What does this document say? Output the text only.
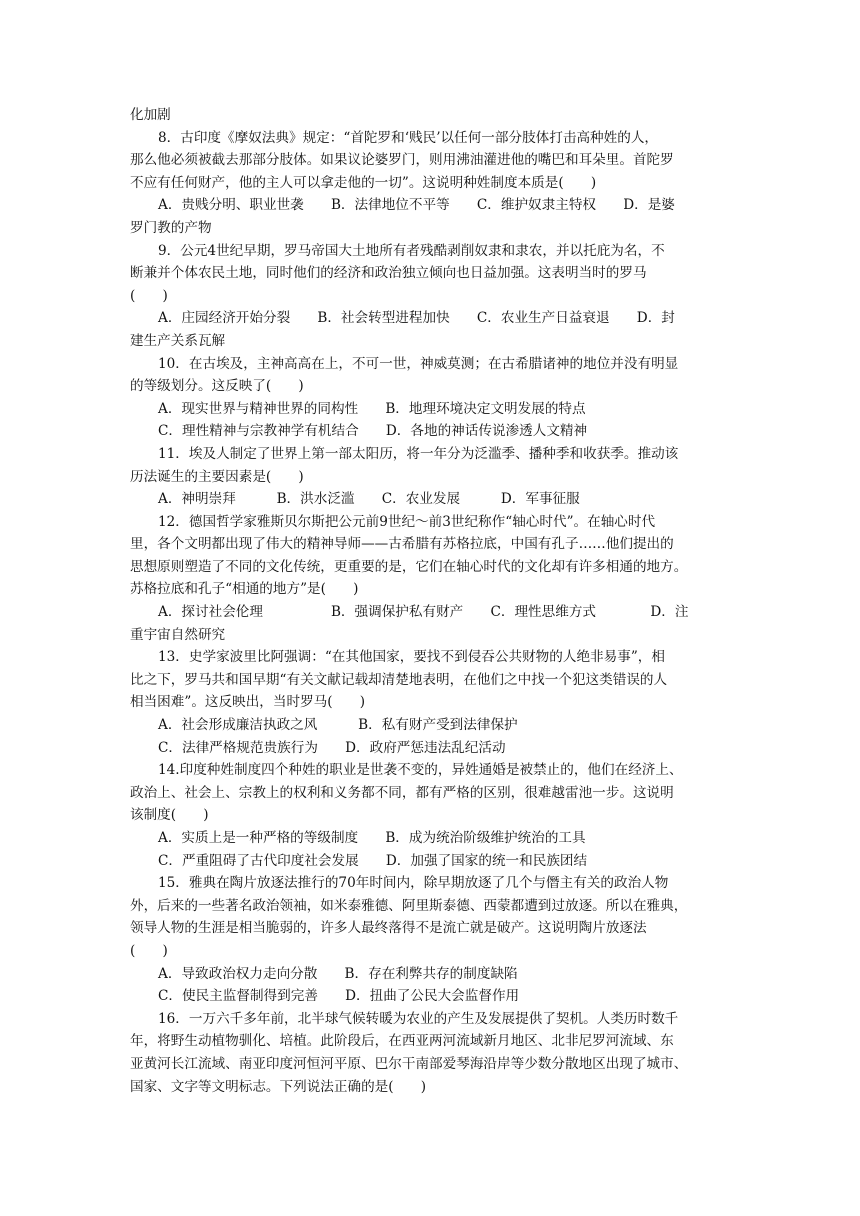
化加剧
8．古印度《摩奴法典》规定：“首陀罗和‘贱民’以任何一部分肢体打击高种姓的人，
那么他必须被截去那部分肢体。如果议论婆罗门，则用沸油灌进他的嘴巴和耳朵里。首陀罗
不应有任何财产，他的主人可以拿走他的一切”。这说明种姓制度本质是(　　)
A．贵贱分明、职业世袭　　B．法律地位不平等　　C．维护奴隶主特权　　D．是婆
罗门教的产物
9．公元4世纪早期，罗马帝国大土地所有者残酷剥削奴隶和隶农，并以托庇为名，不
断兼并个体农民土地，同时他们的经济和政治独立倾向也日益加强。这表明当时的罗马
(　　)
A．庄园经济开始分裂　　B．社会转型进程加快　　C．农业生产日益衰退　　D．封
建生产关系瓦解
10．在古埃及，主神高高在上，不可一世，神威莫测；在古希腊诸神的地位并没有明显
的等级划分。这反映了(　　)
A．现实世界与精神世界的同构性　　B．地理环境决定文明发展的特点
C．理性精神与宗教神学有机结合　　D．各地的神话传说渗透人文精神
11．埃及人制定了世界上第一部太阳历，将一年分为泛滥季、播种季和收获季。推动该
历法诞生的主要因素是(　　)
A．神明崇拜　　　B．洪水泛滥　　C．农业发展　　　D．军事征服
12．德国哲学家雅斯贝尔斯把公元前9世纪～前3世纪称作“轴心时代”。在轴心时代
里，各个文明都出现了伟大的精神导师——古希腊有苏格拉底，中国有孔子……他们提出的
思想原则塑造了不同的文化传统，更重要的是，它们在轴心时代的文化却有许多相通的地方。
苏格拉底和孔子“相通的地方”是(　　)
A．探讨社会伦理　　　　　B．强调保护私有财产　　C．理性思维方式　　　　D．注
重宇宙自然研究
13．史学家波里比阿强调：“在其他国家，要找不到侵吞公共财物的人绝非易事”，相
比之下，罗马共和国早期“有关文献记载却清楚地表明，在他们之中找一个犯这类错误的人
相当困难”。这反映出，当时罗马(　　)
A．社会形成廉洁执政之风　　　B．私有财产受到法律保护
C．法律严格规范贵族行为　　D．政府严惩违法乱纪活动
14.印度种姓制度四个种姓的职业是世袭不变的，异姓通婚是被禁止的，他们在经济上、
政治上、社会上、宗教上的权利和义务都不同，都有严格的区别，很难越雷池一步。这说明
该制度(　　)
A．实质上是一种严格的等级制度　　B．成为统治阶级维护统治的工具
C．严重阻碍了古代印度社会发展　　D．加强了国家的统一和民族团结
15．雅典在陶片放逐法推行的70年时间内，除早期放逐了几个与僭主有关的政治人物
外，后来的一些著名政治领袖，如米泰雅德、阿里斯泰德、西蒙都遭到过放逐。所以在雅典，
领导人物的生涯是相当脆弱的，许多人最终落得不是流亡就是破产。这说明陶片放逐法
(　　)
A．导致政治权力走向分散　　B．存在利弊共存的制度缺陷
C．使民主监督制得到完善　　D．扭曲了公民大会监督作用
16．一万六千多年前，北半球气候转暖为农业的产生及发展提供了契机。人类历时数千
年，将野生动植物驯化、培植。此阶段后，在西亚两河流域新月地区、北非尼罗河流域、东
亚黄河长江流域、南亚印度河恒河平原、巴尔干南部爱琴海沿岸等少数分散地区出现了城市、
国家、文字等文明标志。下列说法正确的是(　　)
